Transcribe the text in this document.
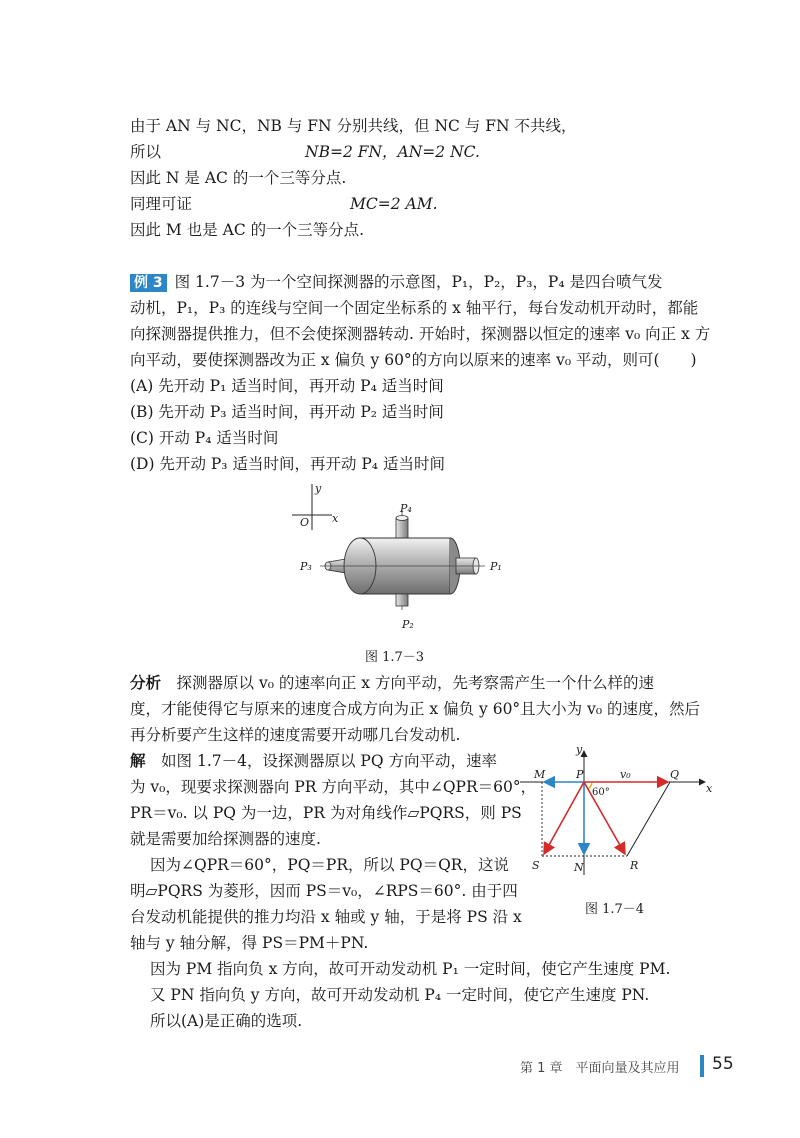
由于 AN 与 NC，NB 与 FN 分别共线，但 NC 与 FN 不共线，
所以	NB=2 FN，AN=2 NC.
因此 N 是 AC 的一个三等分点.
同理可证	MC=2 AM.
因此 M 也是 AC 的一个三等分点.
例 3 图 1.7－3 为一个空间探测器的示意图，P₁，P₂，P₃，P₄ 是四台喷气发
动机，P₁，P₃ 的连线与空间一个固定坐标系的 x 轴平行，每台发动机开动时，都能
向探测器提供推力，但不会使探测器转动. 开始时，探测器以恒定的速率 v₀ 向正 x 方
向平动，要使探测器改为正 x 偏负 y 60°的方向以原来的速率 v₀ 平动，则可(　　)
(A) 先开动 P₁ 适当时间，再开动 P₄ 适当时间
(B) 先开动 P₃ 适当时间，再开动 P₂ 适当时间
(C) 开动 P₄ 适当时间
(D) 先开动 P₃ 适当时间，再开动 P₄ 适当时间
y
x
O
P₄
P₃	P₁
P₂
图 1.7－3
分析　 探测器原以 v₀ 的速率向正 x 方向平动，先考察需产生一个什么样的速
度，才能使得它与原来的速度合成方向为正 x 偏负 y 60°且大小为 v₀ 的速度，然后
再分析要产生这样的速度需要开动哪几台发动机.
解　 如图 1.7－4，设探测器原以 PQ 方向平动，速率
为 v₀，现要求探测器向 PR 方向平动，其中∠QPR＝60°，
PR＝v₀. 以 PQ 为一边，PR 为对角线作▱PQRS，则 PS
就是需要加给探测器的速度.
因为∠QPR＝60°，PQ＝PR，所以 PQ＝QR，这说
明▱PQRS 为菱形，因而 PS＝v₀，∠RPS＝60°. 由于四
台发动机能提供的推力均沿 x 轴或 y 轴，于是将 PS 沿 x
轴与 y 轴分解，得 PS＝PM＋PN.
因为 PM 指向负 x 方向，故可开动发动机 P₁ 一定时间，使它产生速度 PM.
又 PN 指向负 y 方向，故可开动发动机 P₄ 一定时间，使它产生速度 PN.
所以(A)是正确的选项.
y
x
M	P	v₀	Q
60°
S	N	R
图 1.7－4
第 1 章　平面向量及其应用 55
